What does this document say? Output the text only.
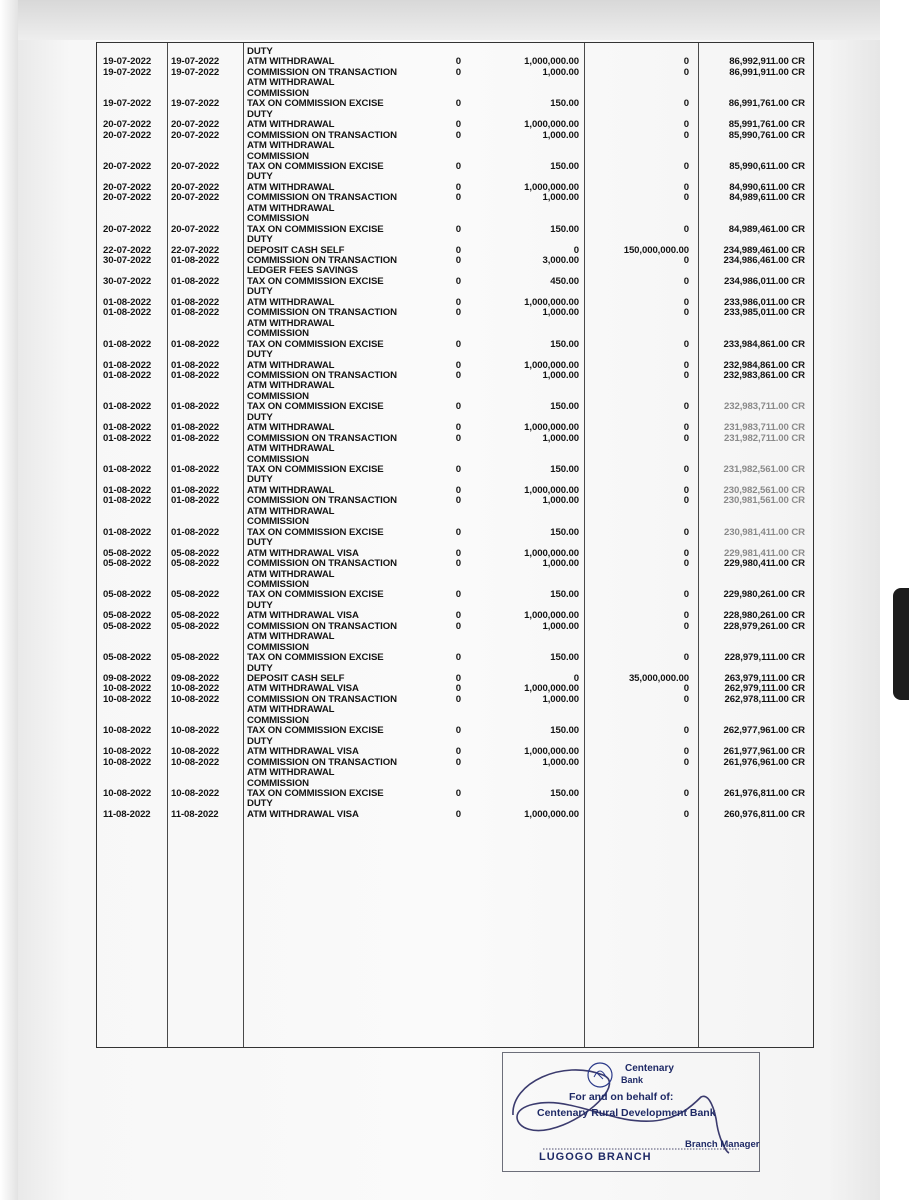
DUTY
19-07-2022	19-07-2022	ATM WITHDRAWAL	0	1,000,000.00	0	86,992,911.00 CR
19-07-2022	19-07-2022	COMMISSION ON TRANSACTION	0	1,000.00	0	86,991,911.00 CR
ATM WITHDRAWAL
COMMISSION
19-07-2022	19-07-2022	TAX ON COMMISSION EXCISE	0	150.00	0	86,991,761.00 CR
DUTY
20-07-2022	20-07-2022	ATM WITHDRAWAL	0	1,000,000.00	0	85,991,761.00 CR
20-07-2022	20-07-2022	COMMISSION ON TRANSACTION	0	1,000.00	0	85,990,761.00 CR
ATM WITHDRAWAL
COMMISSION
20-07-2022	20-07-2022	TAX ON COMMISSION EXCISE	0	150.00	0	85,990,611.00 CR
DUTY
20-07-2022	20-07-2022	ATM WITHDRAWAL	0	1,000,000.00	0	84,990,611.00 CR
20-07-2022	20-07-2022	COMMISSION ON TRANSACTION	0	1,000.00	0	84,989,611.00 CR
ATM WITHDRAWAL
COMMISSION
20-07-2022	20-07-2022	TAX ON COMMISSION EXCISE	0	150.00	0	84,989,461.00 CR
DUTY
22-07-2022	22-07-2022	DEPOSIT CASH SELF	0	0	150,000,000.00	234,989,461.00 CR
30-07-2022	01-08-2022	COMMISSION ON TRANSACTION	0	3,000.00	0	234,986,461.00 CR
LEDGER FEES SAVINGS
30-07-2022	01-08-2022	TAX ON COMMISSION EXCISE	0	450.00	0	234,986,011.00 CR
DUTY
01-08-2022	01-08-2022	ATM WITHDRAWAL	0	1,000,000.00	0	233,986,011.00 CR
01-08-2022	01-08-2022	COMMISSION ON TRANSACTION	0	1,000.00	0	233,985,011.00 CR
ATM WITHDRAWAL
COMMISSION
01-08-2022	01-08-2022	TAX ON COMMISSION EXCISE	0	150.00	0	233,984,861.00 CR
DUTY
01-08-2022	01-08-2022	ATM WITHDRAWAL	0	1,000,000.00	0	232,984,861.00 CR
01-08-2022	01-08-2022	COMMISSION ON TRANSACTION	0	1,000.00	0	232,983,861.00 CR
ATM WITHDRAWAL
COMMISSION
01-08-2022	01-08-2022	TAX ON COMMISSION EXCISE	0	150.00	0	232,983,711.00 CR
DUTY
01-08-2022	01-08-2022	ATM WITHDRAWAL	0	1,000,000.00	0	231,983,711.00 CR
01-08-2022	01-08-2022	COMMISSION ON TRANSACTION	0	1,000.00	0	231,982,711.00 CR
ATM WITHDRAWAL
COMMISSION
01-08-2022	01-08-2022	TAX ON COMMISSION EXCISE	0	150.00	0	231,982,561.00 CR
DUTY
01-08-2022	01-08-2022	ATM WITHDRAWAL	0	1,000,000.00	0	230,982,561.00 CR
01-08-2022	01-08-2022	COMMISSION ON TRANSACTION	0	1,000.00	0	230,981,561.00 CR
ATM WITHDRAWAL
COMMISSION
01-08-2022	01-08-2022	TAX ON COMMISSION EXCISE	0	150.00	0	230,981,411.00 CR
DUTY
05-08-2022	05-08-2022	ATM WITHDRAWAL VISA	0	1,000,000.00	0	229,981,411.00 CR
05-08-2022	05-08-2022	COMMISSION ON TRANSACTION	0	1,000.00	0	229,980,411.00 CR
ATM WITHDRAWAL
COMMISSION
05-08-2022	05-08-2022	TAX ON COMMISSION EXCISE	0	150.00	0	229,980,261.00 CR
DUTY
05-08-2022	05-08-2022	ATM WITHDRAWAL VISA	0	1,000,000.00	0	228,980,261.00 CR
05-08-2022	05-08-2022	COMMISSION ON TRANSACTION	0	1,000.00	0	228,979,261.00 CR
ATM WITHDRAWAL
COMMISSION
05-08-2022	05-08-2022	TAX ON COMMISSION EXCISE	0	150.00	0	228,979,111.00 CR
DUTY
09-08-2022	09-08-2022	DEPOSIT CASH SELF	0	0	35,000,000.00	263,979,111.00 CR
10-08-2022	10-08-2022	ATM WITHDRAWAL VISA	0	1,000,000.00	0	262,979,111.00 CR
10-08-2022	10-08-2022	COMMISSION ON TRANSACTION	0	1,000.00	0	262,978,111.00 CR
ATM WITHDRAWAL
COMMISSION
10-08-2022	10-08-2022	TAX ON COMMISSION EXCISE	0	150.00	0	262,977,961.00 CR
DUTY
10-08-2022	10-08-2022	ATM WITHDRAWAL VISA	0	1,000,000.00	0	261,977,961.00 CR
10-08-2022	10-08-2022	COMMISSION ON TRANSACTION	0	1,000.00	0	261,976,961.00 CR
ATM WITHDRAWAL
COMMISSION
10-08-2022	10-08-2022	TAX ON COMMISSION EXCISE	0	150.00	0	261,976,811.00 CR
DUTY
11-08-2022	11-08-2022	ATM WITHDRAWAL VISA	0	1,000,000.00	0	260,976,811.00 CR
Centenary
Bank
For and on behalf of:
Centenary Rural Development Bank
Branch Manager
LUGOGO BRANCH
